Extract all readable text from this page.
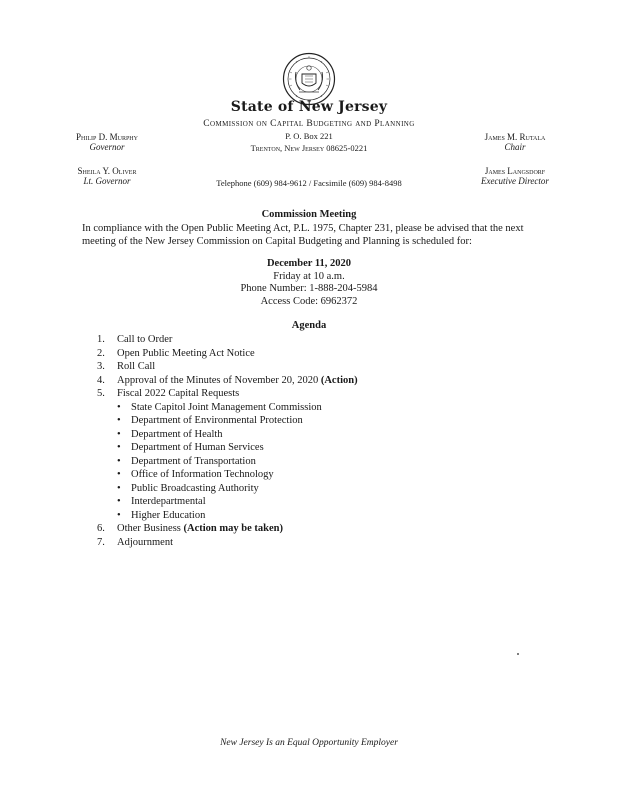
State of New Jersey
Commission on Capital Budgeting and Planning
P. O. Box 221
Trenton, New Jersey 08625-0221
Telephone (609) 984-9612 / Facsimile (609) 984-8498
Philip D. Murphy
Governor
Sheila Y. Oliver
Lt. Governor
James M. Rutala
Chair
James Langsdorf
Executive Director
Commission Meeting
In compliance with the Open Public Meeting Act, P.L. 1975, Chapter 231, please be advised that the next meeting of the New Jersey Commission on Capital Budgeting and Planning is scheduled for:
December 11, 2020
Friday at 10 a.m.
Phone Number: 1-888-204-5984
Access Code: 6962372
Agenda
1.	Call to Order
2.	Open Public Meeting Act Notice
3.	Roll Call
4.	Approval of the Minutes of November 20, 2020 (Action)
5.	Fiscal 2022 Capital Requests
• State Capitol Joint Management Commission
• Department of Environmental Protection
• Department of Health
• Department of Human Services
• Department of Transportation
• Office of Information Technology
• Public Broadcasting Authority
• Interdepartmental
• Higher Education
6.	Other Business (Action may be taken)
7.	Adjournment
New Jersey Is an Equal Opportunity Employer
